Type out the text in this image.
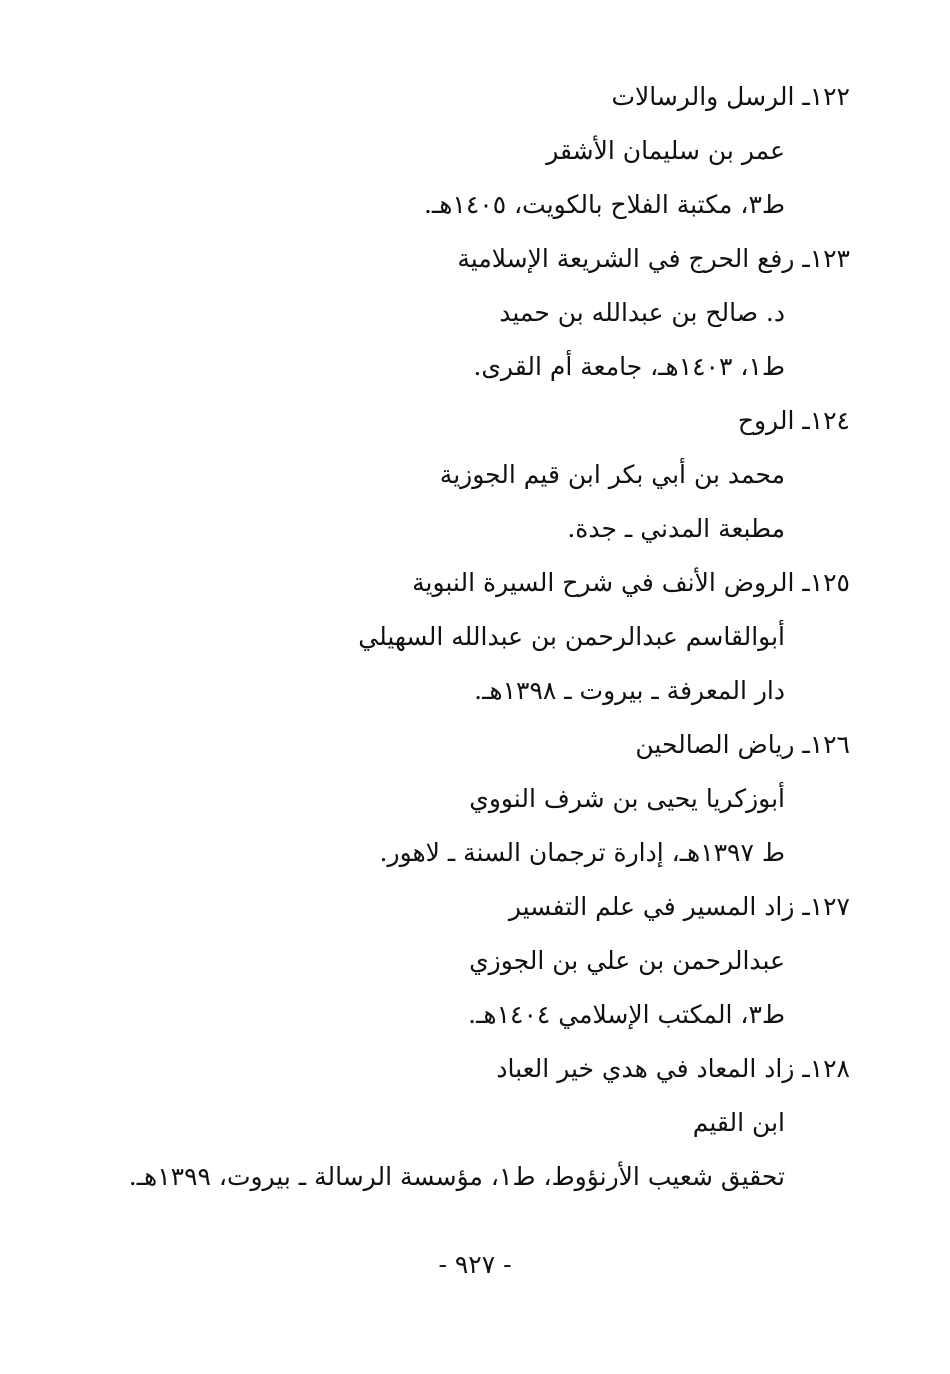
١٢٢ـ الرسل والرسالات
عمر بن سليمان الأشقر
ط٣، مكتبة الفلاح بالكويت، ١٤٠٥هـ.
١٢٣ـ رفع الحرج في الشريعة الإسلامية
د. صالح بن عبدالله بن حميد
ط١، ١٤٠٣هـ، جامعة أم القرى.
١٢٤ـ الروح
محمد بن أبي بكر ابن قيم الجوزية
مطبعة المدني ـ جدة.
١٢٥ـ الروض الأنف في شرح السيرة النبوية
أبوالقاسم عبدالرحمن بن عبدالله السهيلي
دار المعرفة ـ بيروت ـ ١٣٩٨هـ.
١٢٦ـ رياض الصالحين
أبوزكريا يحيى بن شرف النووي
ط ١٣٩٧هـ، إدارة ترجمان السنة ـ لاهور.
١٢٧ـ زاد المسير في علم التفسير
عبدالرحمن بن علي بن الجوزي
ط٣، المكتب الإسلامي ١٤٠٤هـ.
١٢٨ـ زاد المعاد في هدي خير العباد
ابن القيم
تحقيق شعيب الأرنؤوط، ط١، مؤسسة الرسالة ـ بيروت، ١٣٩٩هـ.
- ٩٢٧ -
